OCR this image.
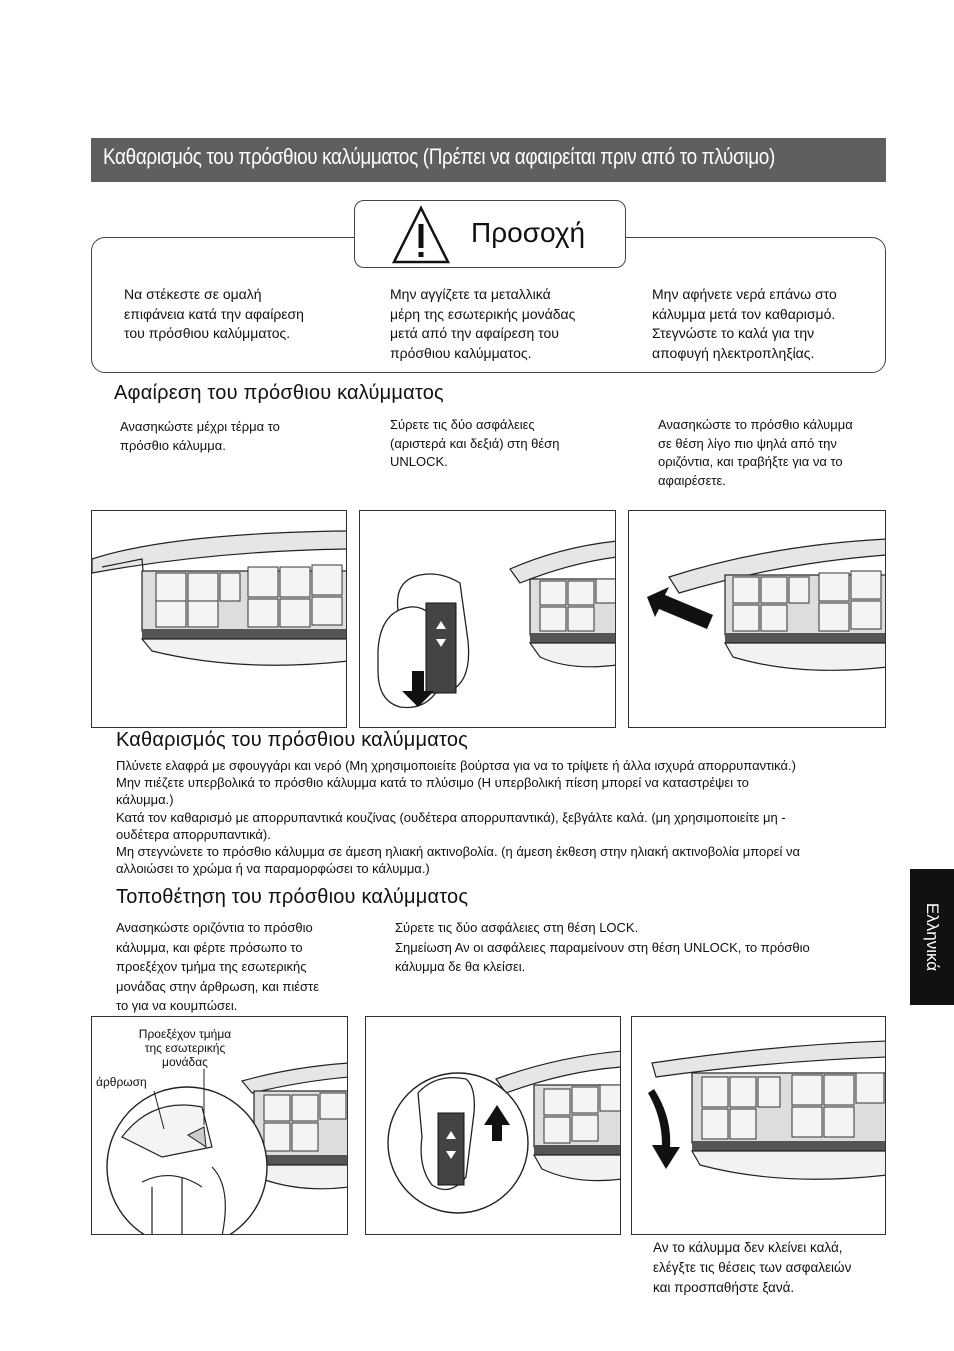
Καθαρισμός του πρόσθιου καλύμματος (Πρέπει να αφαιρείται πριν από το πλύσιμο)
Προσοχή
Να στέκεστε σε ομαλή
επιφάνεια κατά την αφαίρεση
του πρόσθιου καλύμματος.
Μην αγγίζετε τα μεταλλικά
μέρη της εσωτερικής μονάδας
μετά από την αφαίρεση του
πρόσθιου καλύμματος.
Μην αφήνετε νερά επάνω στο
κάλυμμα μετά τον καθαρισμό.
Στεγνώστε το καλά για την
αποφυγή ηλεκτροπληξίας.
Αφαίρεση του πρόσθιου καλύμματος
Ανασηκώστε μέχρι τέρμα το
πρόσθιο κάλυμμα.
Σύρετε τις δύο ασφάλειες
(αριστερά και δεξιά) στη θέση
UNLOCK.
Ανασηκώστε το πρόσθιο κάλυμμα
σε θέση λίγο πιο ψηλά από την
οριζόντια, και τραβήξτε για να το
αφαιρέσετε.
Καθαρισμός του πρόσθιου καλύμματος
Πλύνετε ελαφρά με σφουγγάρι και νερό (Μη χρησιμοποιείτε βούρτσα για να το τρίψετε ή άλλα ισχυρά απορρυπαντικά.)
Μην πιέζετε υπερβολικά το πρόσθιο κάλυμμα κατά το πλύσιμο (Η υπερβολική πίεση μπορεί να καταστρέψει το
κάλυμμα.)
Κατά τον καθαρισμό με απορρυπαντικά κουζίνας (ουδέτερα απορρυπαντικά), ξεβγάλτε καλά. (μη χρησιμοποιείτε μη -
ουδέτερα απορρυπαντικά).
Μη στεγνώνετε το πρόσθιο κάλυμμα σε άμεση ηλιακή ακτινοβολία. (η άμεση έκθεση στην ηλιακή ακτινοβολία μπορεί να
αλλοιώσει το χρώμα ή να παραμορφώσει το κάλυμμα.)
Τοποθέτηση του πρόσθιου καλύμματος
Ανασηκώστε οριζόντια το πρόσθιο
κάλυμμα, και φέρτε πρόσωπο το
προεξέχον τμήμα της εσωτερικής
μονάδας στην άρθρωση, και πιέστε
το για να κουμπώσει.
Σύρετε τις δύο ασφάλειες στη θέση LOCK.
Σημείωση Αν οι ασφάλειες παραμείνουν στη θέση UNLOCK, το πρόσθιο
κάλυμμα δε θα κλείσει.
Προεξέχον τμήμα
της εσωτερικής
μονάδας
άρθρωση
Αν το κάλυμμα δεν κλείνει καλά,
ελέγξτε τις θέσεις των ασφαλειών
και προσπαθήστε ξανά.
Ελληνικά
